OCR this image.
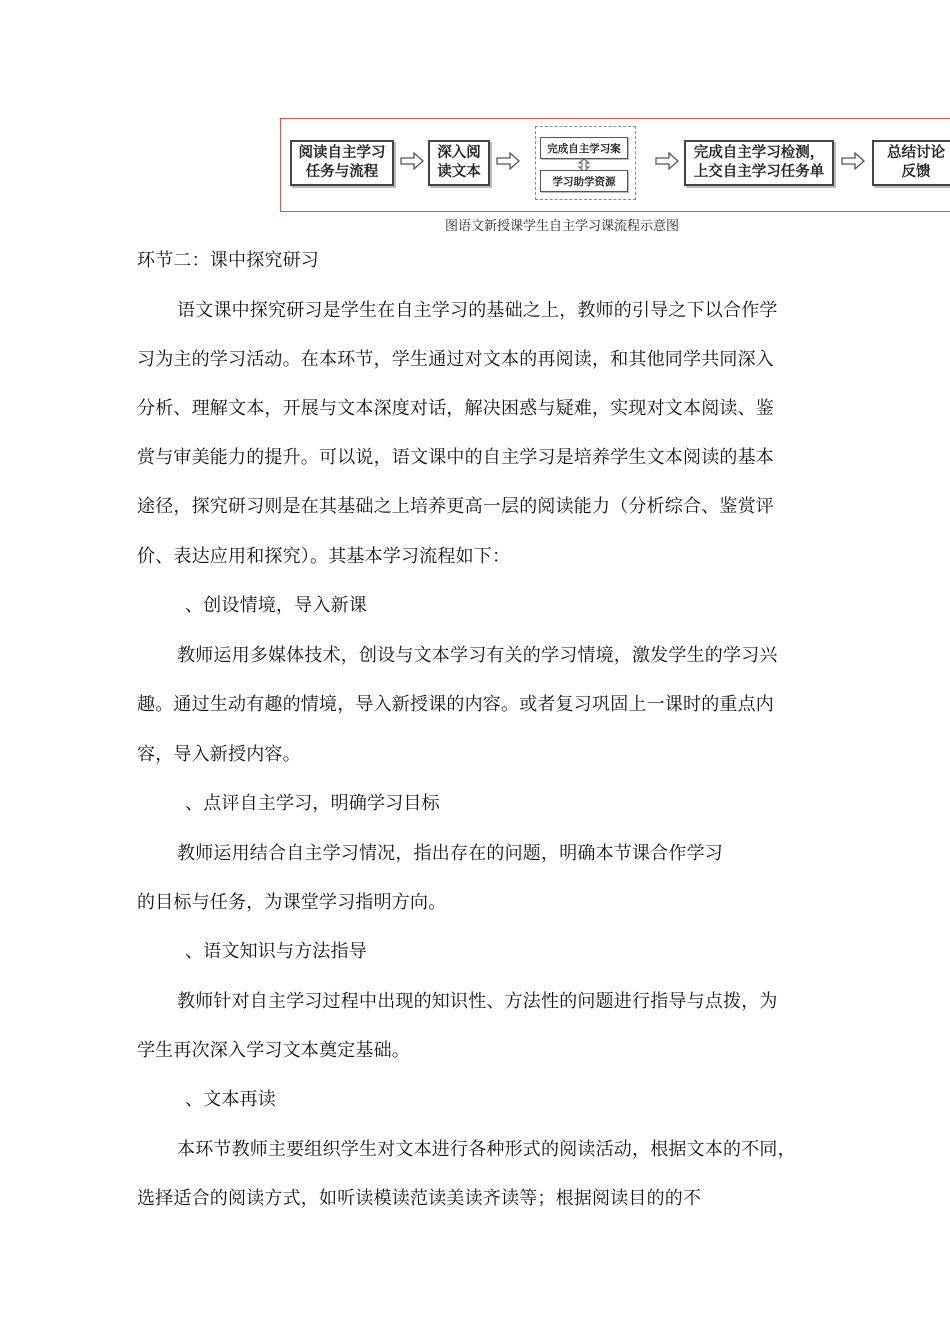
阅读自主学习
任务与流程
深入阅
读文本
完成自主学习案
学习助学资源
完成自主学习检测，
上交自主学习任务单
总结讨论
反馈
图语文新授课学生自主学习课流程示意图
环节二：课中探究研习
语文课中探究研习是学生在自主学习的基础之上，教师的引导之下以合作学
习为主的学习活动。在本环节，学生通过对文本的再阅读，和其他同学共同深入
分析、理解文本，开展与文本深度对话，解决困惑与疑难，实现对文本阅读、鉴
赏与审美能力的提升。可以说，语文课中的自主学习是培养学生文本阅读的基本
途径，探究研习则是在其基础之上培养更高一层的阅读能力（分析综合、鉴赏评
价、表达应用和探究）。其基本学习流程如下：
、创设情境，导入新课
教师运用多媒体技术，创设与文本学习有关的学习情境，激发学生的学习兴
趣。通过生动有趣的情境，导入新授课的内容。或者复习巩固上一课时的重点内
容，导入新授内容。
、点评自主学习，明确学习目标
教师运用结合自主学习情况，指出存在的问题，明确本节课合作学习
的目标与任务，为课堂学习指明方向。
、语文知识与方法指导
教师针对自主学习过程中出现的知识性、方法性的问题进行指导与点拨，为
学生再次深入学习文本奠定基础。
、文本再读
本环节教师主要组织学生对文本进行各种形式的阅读活动，根据文本的不同，
选择适合的阅读方式，如听读模读范读美读齐读等；根据阅读目的的不
